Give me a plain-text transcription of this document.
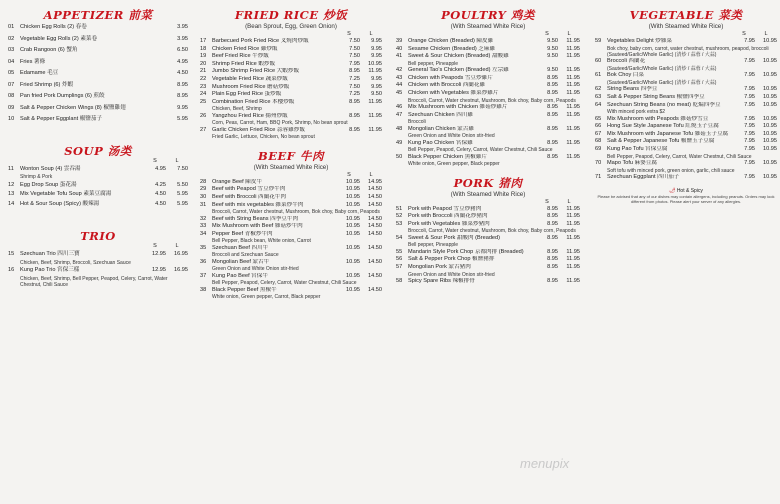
APPETIZER 前菜
01	Chicken Egg Rolls (2) 春卷	3.95
02	Vegetable Egg Rolls (2) 素菜卷	3.95
03	Crab Rangoon (6) 蟹角	6.50
04	Fries 薯條	4.95
05	Edamame 毛豆	4.50
07	Fried Shrimp (6) 炸蝦	8.95
08	Pan fried Pork Dumplings (6) 煎餃	8.95
09	Salt & Pepper Chicken Wings (8) 椒鹽雞翅	9.95
10	Salt & Pepper Eggplant 椒鹽茄子	5.95
SOUP 汤类
S	L
11	Wonton Soup (4) 雲吞湯	4.95	7.50
Shrimp & Pork
12	Egg Drop Soup 蛋花湯	4.25	5.50
13	Mix Vegetable Tofu Soup 素菜豆腐湯	4.50	5.95
14	Hot & Sour Soup (Spicy) 酸辣湯	4.50	5.95
TRIO
S	L
15	Szechuan Trio 四川三寶	12.95	16.95
Chicken, Beef, Shrimp, Broccoli, Szechuan Sauce
16	Kung Pao Trio 宮保三樣	12.95	16.95
Chicken, Beef, Shrimp, Bell Pepper, Peapod, Celery, Carrot, Water Chestnut, Chili Sauce
FRIED RICE 炒饭
(Bean Sprout, Egg, Green Onion)
S	L
17	Barbecued Pork Fried Rice 叉燒肉炒飯	7.50	9.95
18	Chicken Fried Rice 雞炒飯	7.50	9.95
19	Beef Fried Rice 牛炒飯	7.50	9.95
20	Shrimp Fried Rice 蝦炒飯	7.95	10.95
21	Jumbo Shrimp Fried Rice 大蝦炒飯	8.95	11.95
22	Vegetable Fried Rice 蔬菜炒飯	7.25	9.95
23	Mushroom Fried Rice 蘑菇炒飯	7.50	9.95
24	Plain Egg Fried Rice 蛋炒飯	7.25	9.50
25	Combination Fried Rice 本樓炒飯	8.95	11.95
Chicken, Beef, Shrimp
26	Yangzhou Fried Rice 揚州炒飯	8.95	11.95
Corn, Peas, Carrot, Ham, BBQ Pork, Shrimp, No bean sprout
27	Garlic Chicken Fried Rice 蒜蓉雞炒飯	8.95	11.95
Fried Garlic, Lettuce, Chicken, No bean sprout
BEEF 牛肉
(With Steamed White Rice)
S	L
28	Orange Beef 陳皮牛	10.95	14.95
29	Beef with Peapod 雪豆炒牛肉	10.95	14.50
30	Beef with Broccoli 西蘭花牛肉	10.95	14.50
31	Beef with mix vegetables 雜菜炒牛肉	10.95	14.50
Broccoli, Carrot, Water chestnut, Mushroom, Bok choy, Baby corn, Peapods
32	Beef with String Beans 四季豆牛肉	10.95	14.50
33	Mix Mushroom with Beef 雜菇炒牛肉	10.95	14.50
34	Pepper Beef 青椒炒牛肉	10.95	14.50
Bell Pepper, Black bean, White onion, Carrot
35	Szechuan Beef 四川牛	10.95	14.50
Broccoli and Szechuan Sauce
36	Mongolian Beef 蒙古牛	10.95	14.50
Green Onion and White Onion stir-fried
37	Kung Pao Beef 宮保牛	10.95	14.50
Bell Pepper, Peapod, Celery, Carrot, Water Chestnut, Chili Sauce
38	Black Pepper Beef 黑椒牛	10.95	14.50
White onion, Green pepper, Carrot, Black pepper
POULTRY 鸡类
(With Steamed White Rice)
S	L
39	Orange Chicken (Breaded) 陳皮雞	9.50	11.95
40	Sesame Chicken (Breaded) 芝麻雞	9.50	11.95
41	Sweet & Sour Chicken (Breaded) 甜酸雞	9.50	11.95
Bell pepper, Pineapple
42	General Tao's Chicken (Breaded) 左宗雞	9.50	11.95
43	Chicken with Peapods 雪豆炒雞片	8.95	11.95
44	Chicken with Broccoli 西蘭花雞	8.95	11.95
45	Chicken with Vegetables 雜菜炒雞片	8.95	11.95
Broccoli, Carrot, Water chestnut, Mushroom, Bok choy, Baby corn, Peapods
46	Mix Mushroom with Chicken 雜菇炒雞片	8.95	11.95
47	Szechuan Chicken 四川雞	8.95	11.95
Broccoli
48	Mongolian Chicken 蒙古雞	8.95	11.95
Green Onion and White Onion stir-fried
49	Kung Pao Chicken 宮保雞	8.95	11.95
Bell Pepper, Peapod, Celery, Carrot, Water Chestnut, Chili Sauce
50	Black Pepper Chicken 黑椒雞片	8.95	11.95
White onion, Green pepper, Black pepper
PORK 猪肉
(With Steamed White Rice)
S	L
51	Pork with Peapod 雪豆炒豬肉	8.95	11.95
52	Pork with Broccoli 西蘭花炒豬肉	8.95	11.95
53	Pork with Vegetables 雜菜炒豬肉	8.95	11.95
Broccoli, Carrot, Water chestnut, Mushroom, Bok choy, Baby corn, Peapods
54	Sweet & Sour Pork 甜酸肉 (Breaded)	8.95	11.95
Bell pepper, Pineapple
55	Mandarin Style Pork Chop 京都肉排 (Breaded)	8.95	11.95
56	Salt & Pepper Pork Chop 椒鹽豬排	8.95	11.95
57	Mongolian Pork 蒙古豬肉	8.95	11.95
Green Onion and White Onion stir-fried
58	Spicy Spare Ribs 辣椒排骨	8.95	11.95
VEGETABLE 菜类
(With Steamed White Rice)
S	L
59	Vegetables Delight 炒雜菜	7.95	10.95
Bok choy, baby corn, carrot, water chestnut, mushroom, peapod, broccoli (Sauteed/Garlic/Whole Garlic) (清炒 / 蒜蓉 / 大蒜)
60	Broccoli 西蘭花	7.95	10.95
(Sauteed/Garlic/Whole Garlic) (清炒 / 蒜蓉 / 大蒜)
61	Bok Choy 白菜	7.95	10.95
(Sauteed/Garlic/Whole Garlic) (清炒 / 蒜蓉 / 大蒜)
62	String Beans 四季豆	7.95	10.95
63	Salt & Pepper String Beans 椒鹽四季豆	7.95	10.95
64	Szechuan String Beans (no meat) 乾煸四季豆	7.95	10.95
With minced pork extra $2
65	Mix Mushroom with Peapods 雜菇炒雪豆	7.95	10.95
66	Hong Sue Style Japanese Tofu 紅燒玉子豆腐	7.95	10.95
67	Mix Mushroom with Japanese Tofu 雜菇玉子豆腐	7.95	10.95
68	Salt & Pepper Japanese Tofu 椒鹽玉子豆腐	7.95	10.95
69	Kung Pao Tofu 宮保豆腐	7.95	10.95
Bell Pepper, Peapod, Celery, Carrot, Water Chestnut, Chili Sauce
70	Mapo Tofu 麻婆豆腐	7.95	10.95
Soft tofu with minced pork, green onion, garlic, chili sauce
71	Szechuan Eggplant 四川茄子	7.95	10.95
🌶 Hot & Spicy
Please be advised that any of our dishes may contain allergens, including peanuts. Orders may look different from photos. Please alert your server of any allergies.
menupix
